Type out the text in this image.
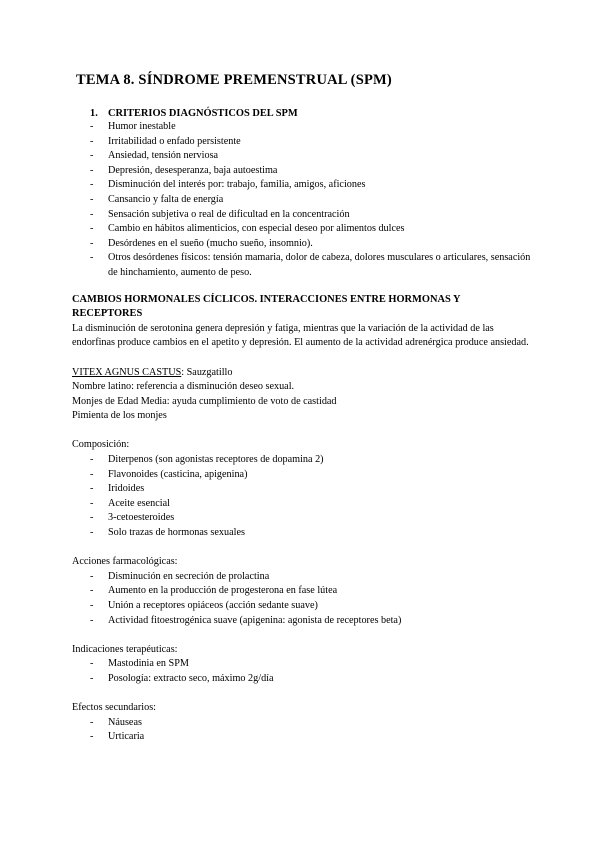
TEMA 8. SÍNDROME PREMENSTRUAL (SPM)
1. CRITERIOS DIAGNÓSTICOS DEL SPM
- Humor inestable
- Irritabilidad o enfado persistente
- Ansiedad, tensión nerviosa
- Depresión, desesperanza, baja autoestima
- Disminución del interés por: trabajo, familia, amigos, aficiones
- Cansancio y falta de energía
- Sensación subjetiva o real de dificultad en la concentración
- Cambio en hábitos alimenticios, con especial deseo por alimentos dulces
- Desórdenes en el sueño (mucho sueño, insomnio).
- Otros desórdenes físicos: tensión mamaria, dolor de cabeza, dolores musculares o articulares, sensación de hinchamiento, aumento de peso.
CAMBIOS HORMONALES CÍCLICOS. INTERACCIONES ENTRE HORMONAS Y RECEPTORES

La disminución de serotonina genera depresión y fatiga, mientras que la variación de la actividad de las endorfinas produce cambios en el apetito y depresión. El aumento de la actividad adrenérgica produce ansiedad.

VITEX AGNUS CASTUS: Sauzgatillo

Nombre latino: referencia a disminución deseo sexual.

Monjes de Edad Media: ayuda cumplimiento de voto de castidad

Pimienta de los monjes

Composición:

- Diterpenos (son agonistas receptores de dopamina 2)
- Flavonoides (casticina, apigenina)
- Iridoides
- Aceite esencial
- 3-cetoesteroides
- Solo trazas de hormonas sexuales

Acciones farmacológicas:

- Disminución en secreción de prolactina
- Aumento en la producción de progesterona en fase lútea
- Unión a receptores opiáceos (acción sedante suave)
- Actividad fitoestrogénica suave (apigenina: agonista de receptores beta)

Indicaciones terapéuticas:

- Mastodinia en SPM
- Posología: extracto seco, máximo 2g/día

Efectos secundarios:

- Náuseas
- Urticaria
